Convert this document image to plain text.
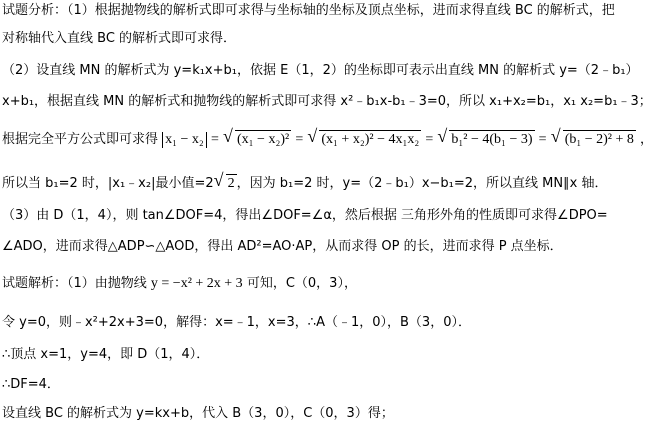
试题分析：（1）根据抛物线的解析式即可求得与坐标轴的坐标及顶点坐标，进而求得直线 BC 的解析式，把
对称轴代入直线 BC 的解析式即可求得．
（2）设直线 MN 的解析式为 y=k₁x+b₁，依据 E（1，2）的坐标即可表示出直线 MN 的解析式 y=（2﹣b₁）
x+b₁，根据直线 MN 的解析式和抛物线的解析式即可求得 x²﹣b₁x-b₁﹣3=0，所以 x₁+x₂=b₁，x₁ x₂=b₁﹣3；
根据完全平方公式即可求得 x₁ − x₂ = √ (x₁ − x₂)² = √ (x₁ + x₂)² − 4x₁x₂ = √ b₁² − 4(b₁ − 3) = √ (b₁ − 2)² + 8 ，
所以当 b₁=2 时，|x₁﹣x₂|最小值=2 √ 2 ，因为 b₁=2 时，y=（2﹣b₁）x−b₁=2，所以直线 MN∥x 轴．
（3）由 D（1，4），则 tan∠DOF=4，得出∠DOF=∠α，然后根据 三角形外角的性质即可求得∠DPO=
∠ADO，进而求得△ADP∽△AOD，得出 AD²=AO·AP，从而求得 OP 的长，进而求得 P 点坐标．
试题解析：（1）由抛物线 y = −x² + 2x + 3 可知，C（0，3），
令 y=0，则﹣x²+2x+3=0，解得：x=﹣1，x=3，∴A（﹣1，0），B（3，0）．
∴顶点 x=1，y=4，即 D（1，4）．
∴DF=4．
设直线 BC 的解析式为 y=kx+b，代入 B（3，0），C（0，3）得；
